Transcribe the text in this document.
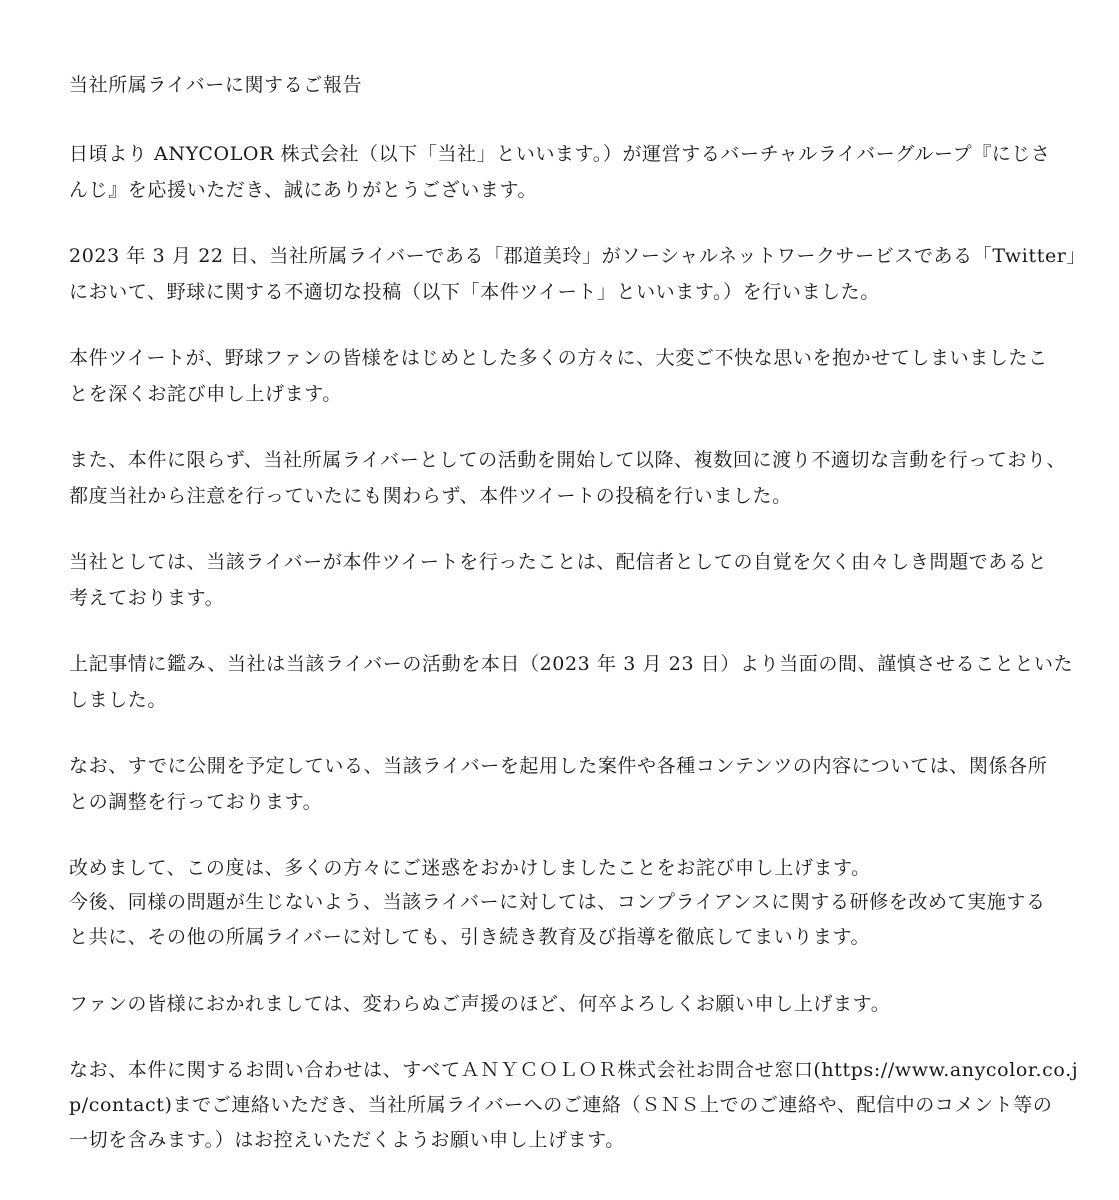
当社所属ライバーに関するご報告
日頃より ANYCOLOR 株式会社（以下「当社」といいます。）が運営するバーチャルライバーグループ『にじさ
んじ』を応援いただき、誠にありがとうございます。
2023 年 3 月 22 日、当社所属ライバーである「郡道美玲」がソーシャルネットワークサービスである「Twitter」
において、野球に関する不適切な投稿（以下「本件ツイート」といいます。）を行いました。
本件ツイートが、野球ファンの皆様をはじめとした多くの方々に、大変ご不快な思いを抱かせてしまいましたこ
とを深くお詫び申し上げます。
また、本件に限らず、当社所属ライバーとしての活動を開始して以降、複数回に渡り不適切な言動を行っており、
都度当社から注意を行っていたにも関わらず、本件ツイートの投稿を行いました。
当社としては、当該ライバーが本件ツイートを行ったことは、配信者としての自覚を欠く由々しき問題であると
考えております。
上記事情に鑑み、当社は当該ライバーの活動を本日（2023 年 3 月 23 日）より当面の間、謹慎させることといた
しました。
なお、すでに公開を予定している、当該ライバーを起用した案件や各種コンテンツの内容については、関係各所
との調整を行っております。
改めまして、この度は、多くの方々にご迷惑をおかけしましたことをお詫び申し上げます。
今後、同様の問題が生じないよう、当該ライバーに対しては、コンプライアンスに関する研修を改めて実施する
と共に、その他の所属ライバーに対しても、引き続き教育及び指導を徹底してまいります。
ファンの皆様におかれましては、変わらぬご声援のほど、何卒よろしくお願い申し上げます。
なお、本件に関するお問い合わせは、すべてＡＮＹＣＯＬＯＲ株式会社お問合せ窓口(https://www.anycolor.co.j
p/contact)までご連絡いただき、当社所属ライバーへのご連絡（ＳＮＳ上でのご連絡や、配信中のコメント等の
一切を含みます。）はお控えいただくようお願い申し上げます。
